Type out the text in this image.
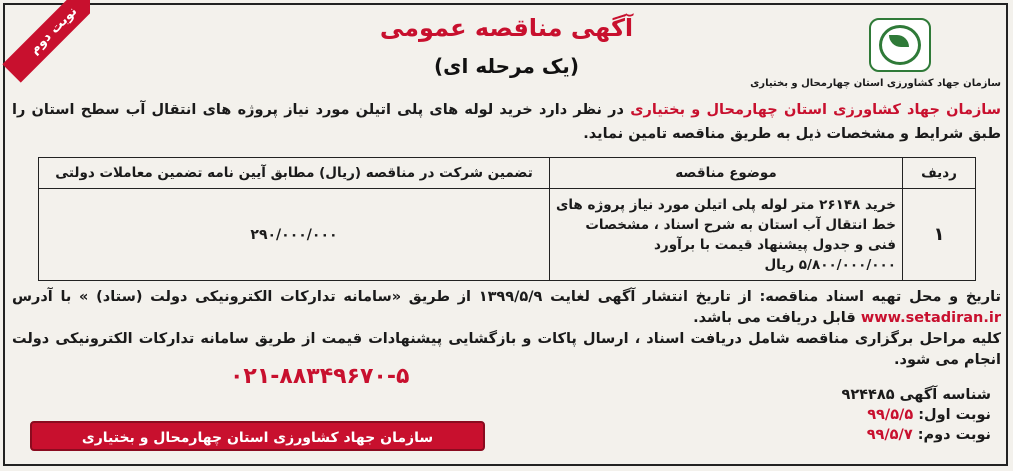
نوبت دوم	آگهی مناقصه عمومی
(یک مرحله ای)
سازمان جهاد کشاورزی استان چهارمحال و بختیاری
سازمان جهاد کشاورزی استان چهارمحال و بختیاری در نظر دارد خرید لوله های پلی اتیلن مورد نیاز پروژه های انتقال آب سطح استان را طبق شرایط و مشخصات ذیل به طریق مناقصه تامین نماید.
ردیف	موضوع مناقصه	تضمین شرکت در مناقصه (ریال) مطابق آیین نامه تضمین معاملات دولتی
۱	خرید ۲۶۱۴۸ متر لوله پلی اتیلن مورد نیاز پروژه های خط انتقال آب استان به شرح اسناد ، مشخصات فنی و جدول پیشنهاد قیمت با برآورد ۵/۸۰۰/۰۰۰/۰۰۰ ریال	۲۹۰/۰۰۰/۰۰۰
تاریخ و محل تهیه اسناد مناقصه: از تاریخ انتشار آگهی لغایت ۱۳۹۹/۵/۹ از طریق «سامانه تدارکات الکترونیکی دولت (ستاد) » با آدرس www.setadiran.ir قابل دریافت می باشد.
کلیه مراحل برگزاری مناقصه شامل دریافت اسناد ، ارسال پاکات و بازگشایی پیشنهادات قیمت از طریق سامانه تدارکات الکترونیکی دولت انجام می شود.
۰۲۱-۸۸۳۴۹۶۷۰-۵
شناسه آگهی ۹۲۴۴۸۵
نوبت اول: ۹۹/۵/۵
نوبت دوم: ۹۹/۵/۷
سازمان جهاد کشاورزی استان چهارمحال و بختیاری
